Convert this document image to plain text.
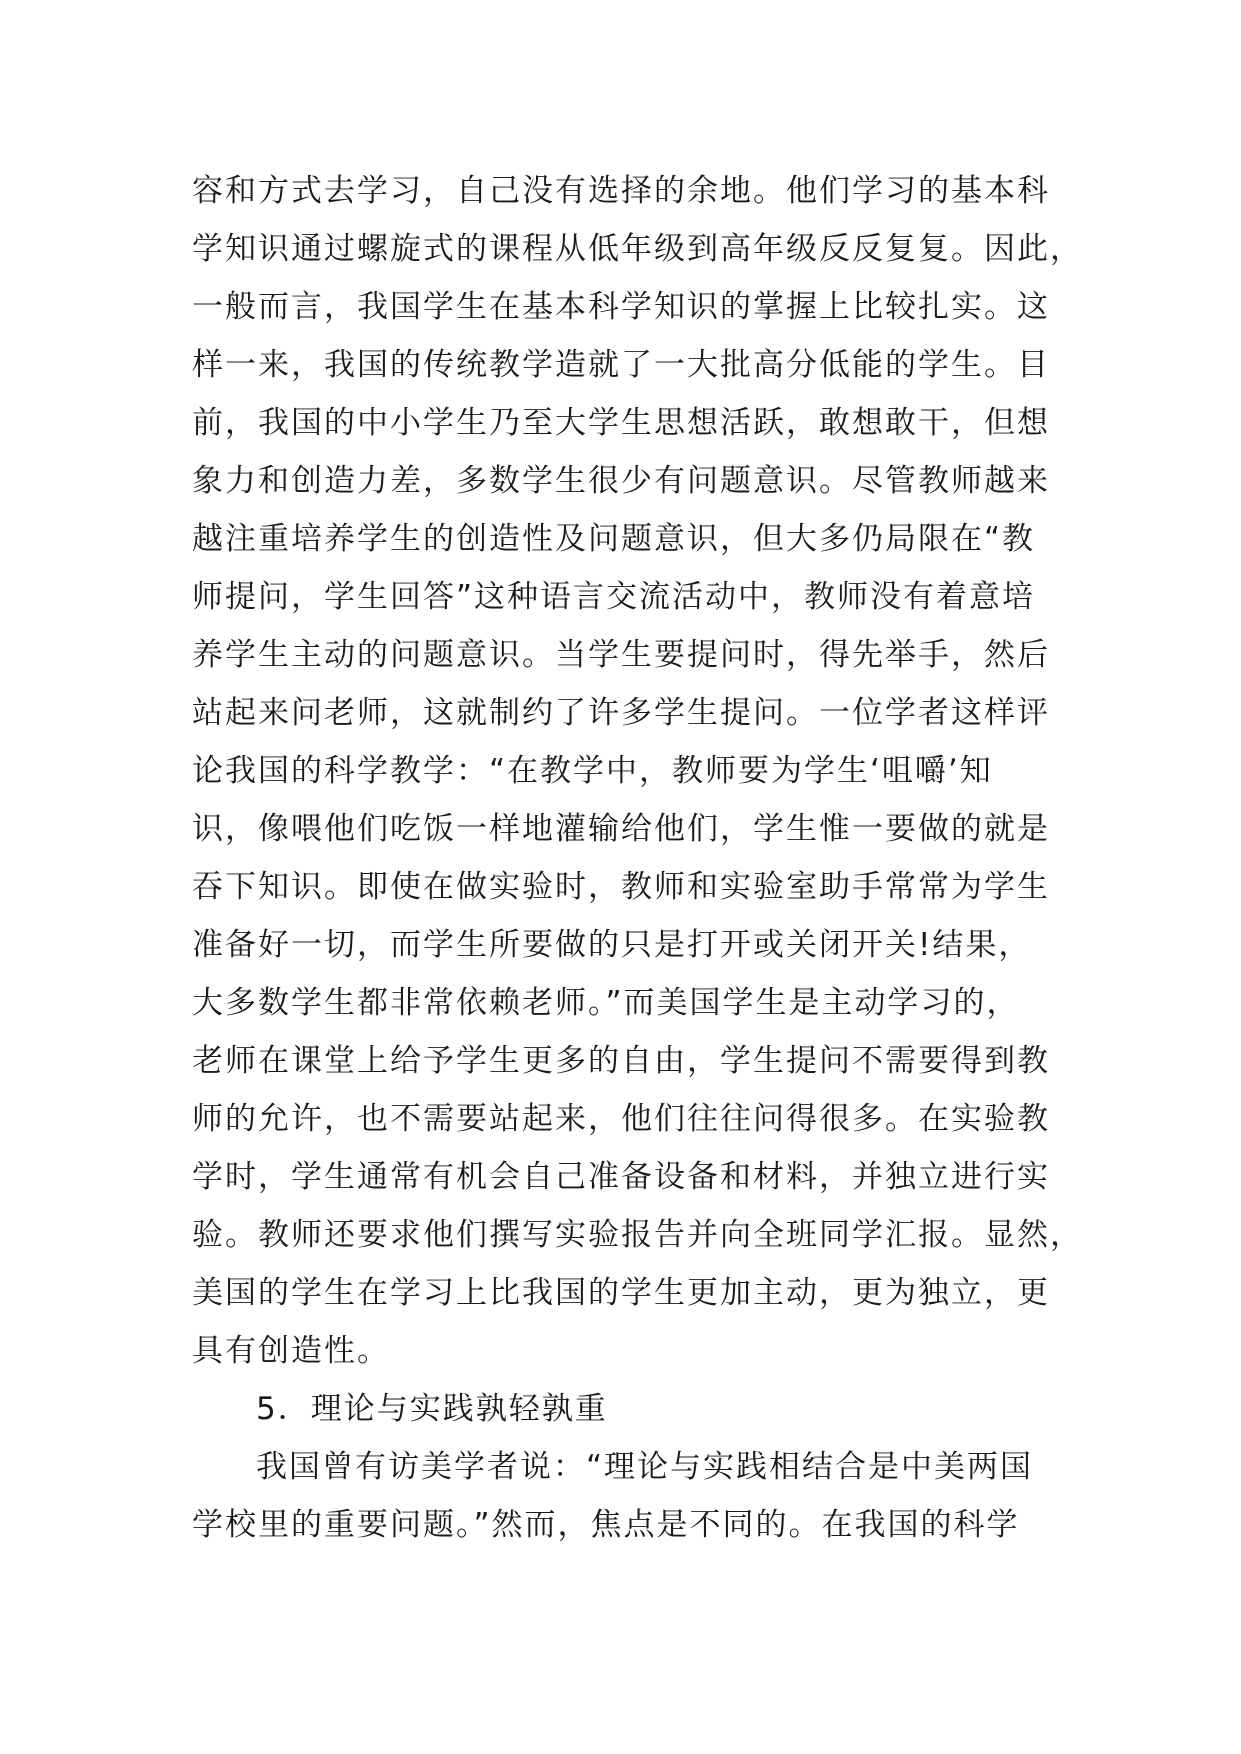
容和方式去学习，自己没有选择的余地。他们学习的基本科
学知识通过螺旋式的课程从低年级到高年级反反复复。因此，
一般而言，我国学生在基本科学知识的掌握上比较扎实。这
样一来，我国的传统教学造就了一大批高分低能的学生。目
前，我国的中小学生乃至大学生思想活跃，敢想敢干，但想
象力和创造力差，多数学生很少有问题意识。尽管教师越来
越注重培养学生的创造性及问题意识，但大多仍局限在“教
师提问，学生回答”这种语言交流活动中，教师没有着意培
养学生主动的问题意识。当学生要提问时，得先举手，然后
站起来问老师，这就制约了许多学生提问。一位学者这样评
论我国的科学教学：“在教学中，教师要为学生‘咀嚼’知
识，像喂他们吃饭一样地灌输给他们，学生惟一要做的就是
吞下知识。即使在做实验时，教师和实验室助手常常为学生
准备好一切，而学生所要做的只是打开或关闭开关!结果，
大多数学生都非常依赖老师。”而美国学生是主动学习的，
老师在课堂上给予学生更多的自由，学生提问不需要得到教
师的允许，也不需要站起来，他们往往问得很多。在实验教
学时，学生通常有机会自己准备设备和材料，并独立进行实
验。教师还要求他们撰写实验报告并向全班同学汇报。显然，
美国的学生在学习上比我国的学生更加主动，更为独立，更
具有创造性。
5．理论与实践孰轻孰重
我国曾有访美学者说：“理论与实践相结合是中美两国
学校里的重要问题。”然而，焦点是不同的。在我国的科学
